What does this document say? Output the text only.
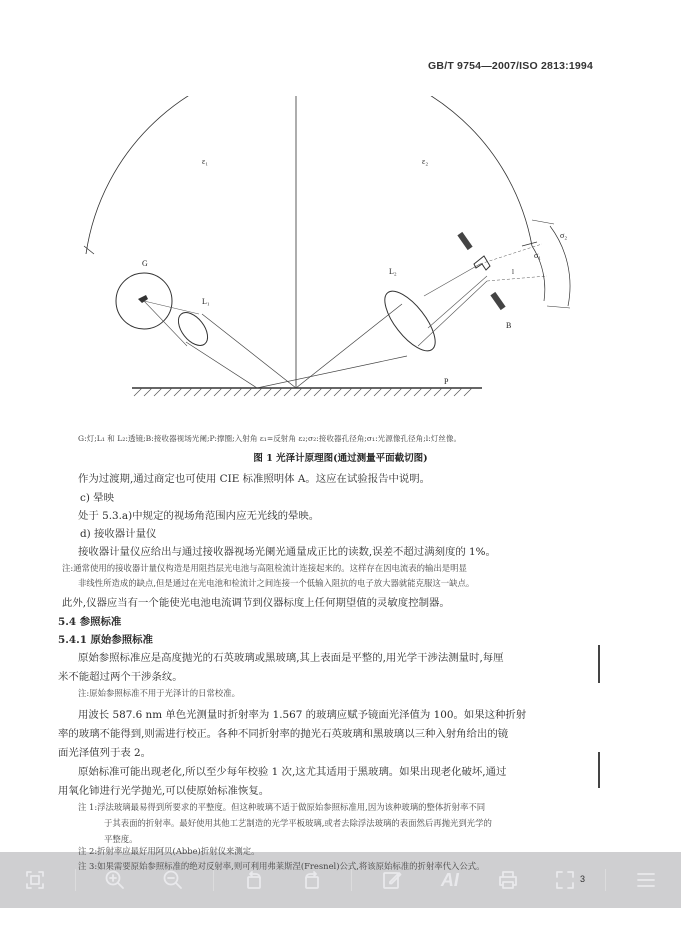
GB/T 9754—2007/ISO 2813:1994
G
L₁
L₂
B
P
ε₁	ε₂
σ₁
σ₂
l
G:灯;L₁ 和 L₂:透镜;B:接收器视场光阑;P:撑圈;入射角 ε₁=反射角 ε₂;σ₂:接收器孔径角;σ₁:光源像孔径角;l:灯丝像。
图 1 光泽计原理图(通过测量平面截切图)
作为过渡期,通过商定也可使用 CIE 标准照明体 A。这应在试验报告中说明。
c) 晕映
处于 5.3.a)中规定的视场角范围内应无光线的晕映。
d) 接收器计量仪
接收器计量仪应给出与通过接收器视场光阑光通量成正比的读数,误差不超过满刻度的 1%。
注:通常使用的接收器计量仪构造是用阻挡层光电池与高阻检流计连接起来的。这样存在因电流表的输出是明显
非线性所造成的缺点,但是通过在光电池和检流计之间连接一个低输入阻抗的电子放大器就能克服这一缺点。
此外,仪器应当有一个能使光电池电流调节到仪器标度上任何期望值的灵敏度控制器。
5.4 参照标准
5.4.1 原始参照标准
原始参照标准应是高度抛光的石英玻璃或黑玻璃,其上表面是平整的,用光学干涉法测量时,每厘
米不能超过两个干涉条纹。
注:原始参照标准不用于光泽计的日常校准。
用波长 587.6 nm 单色光测量时折射率为 1.567 的玻璃应赋予镜面光泽值为 100。如果这种折射
率的玻璃不能得到,则需进行校正。各种不同折射率的抛光石英玻璃和黑玻璃以三种入射角给出的镜
面光泽值列于表 2。
原始标准可能出现老化,所以至少每年校验 1 次,这尤其适用于黑玻璃。如果出现老化破坏,通过
用氧化铈进行光学抛光,可以使原始标准恢复。
注 1:浮法玻璃最易得到所要求的平整度。但这种玻璃不适于做原始参照标准用,因为该种玻璃的整体折射率不同
于其表面的折射率。最好使用其他工艺制造的光学平板玻璃,或者去除浮法玻璃的表面然后再抛光到光学的
平整度。
注 2:折射率应最好用阿贝(Abbe)折射仪来测定。
注 3:如果需要原始参照标准的绝对反射率,则可利用弗莱斯涅(Fresnel)公式,将该原始标准的折射率代入公式。
AI	3
